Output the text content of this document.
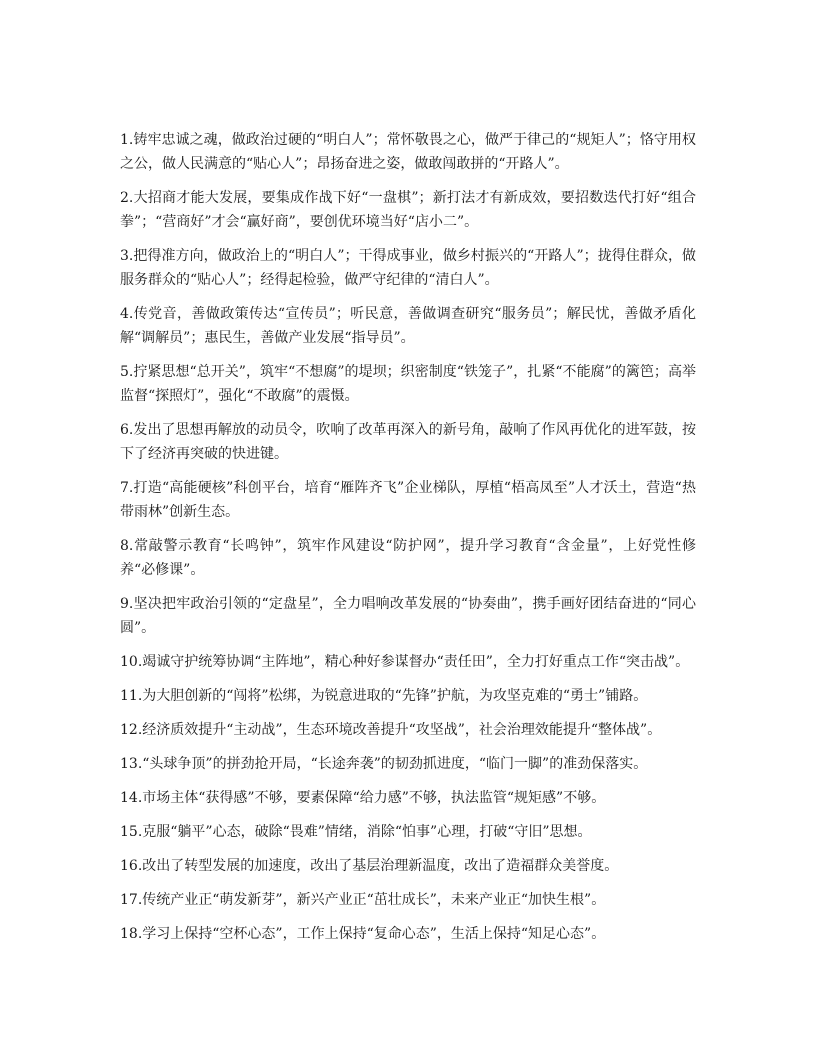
1.铸牢忠诚之魂，做政治过硬的“明白人”；常怀敬畏之心，做严于律己的“规矩人”；恪守用权之公，做人民满意的“贴心人”；昂扬奋进之姿，做敢闯敢拼的“开路人”。

2.大招商才能大发展，要集成作战下好“一盘棋”；新打法才有新成效，要招数迭代打好“组合拳”；“营商好”才会“赢好商”，要创优环境当好“店小二”。

3.把得准方向，做政治上的“明白人”；干得成事业，做乡村振兴的“开路人”；拢得住群众，做服务群众的“贴心人”；经得起检验，做严守纪律的“清白人”。

4.传党音，善做政策传达“宣传员”；听民意，善做调查研究“服务员”；解民忧，善做矛盾化解“调解员”；惠民生，善做产业发展“指导员”。

5.拧紧思想“总开关”，筑牢“不想腐”的堤坝；织密制度“铁笼子”，扎紧“不能腐”的篱笆；高举监督“探照灯”，强化“不敢腐”的震慑。

6.发出了思想再解放的动员令，吹响了改革再深入的新号角，敲响了作风再优化的进军鼓，按下了经济再突破的快进键。

7.打造“高能硬核”科创平台，培育“雁阵齐飞”企业梯队，厚植“梧高凤至”人才沃土，营造“热带雨林”创新生态。

8.常敲警示教育“长鸣钟”，筑牢作风建设“防护网”，提升学习教育“含金量”，上好党性修养“必修课”。

9.坚决把牢政治引领的“定盘星”，全力唱响改革发展的“协奏曲”，携手画好团结奋进的“同心圆”。

10.竭诚守护统筹协调“主阵地”，精心种好参谋督办“责任田”，全力打好重点工作“突击战”。

11.为大胆创新的“闯将”松绑，为锐意进取的“先锋”护航，为攻坚克难的“勇士”铺路。

12.经济质效提升“主动战”，生态环境改善提升“攻坚战”，社会治理效能提升“整体战”。

13.“头球争顶”的拼劲抢开局，“长途奔袭”的韧劲抓进度，“临门一脚”的准劲保落实。

14.市场主体“获得感”不够，要素保障“给力感”不够，执法监管“规矩感”不够。

15.克服“躺平”心态，破除“畏难”情绪，消除“怕事”心理，打破“守旧”思想。

16.改出了转型发展的加速度，改出了基层治理新温度，改出了造福群众美誉度。

17.传统产业正“萌发新芽”，新兴产业正“茁壮成长”，未来产业正“加快生根”。

18.学习上保持“空杯心态”，工作上保持“复命心态”，生活上保持“知足心态”。
